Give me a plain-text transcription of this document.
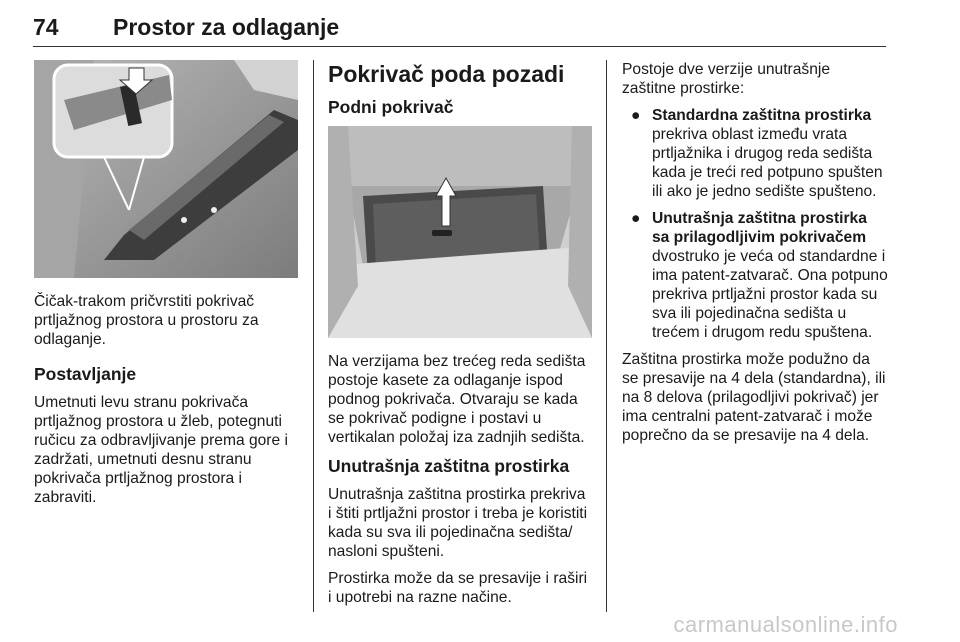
74 Prostor za odlaganje

Čičak-trakom pričvrstiti pokrivač prtljažnog prostora u prostoru za odlaganje.

Postavljanje

Umetnuti levu stranu pokrivača prtljažnog prostora u žleb, potegnuti ručicu za odbravljivanje prema gore i zadržati, umetnuti desnu stranu pokrivača prtljažnog prostora i zabraviti.

Pokrivač poda pozadi
Podni pokrivač

Na verzijama bez trećeg reda sedišta postoje kasete za odlaganje ispod podnog pokrivača. Otvaraju se kada se pokrivač podigne i postavi u vertikalan položaj iza zadnjih sedišta.

Unutrašnja zaštitna prostirka

Unutrašnja zaštitna prostirka prekriva i štiti prtljažni prostor i treba je koristiti kada su sva ili pojedinačna sedišta/ nasloni spušteni.

Prostirka može da se presavije i raširi i upotrebi na razne načine.

Postoje dve verzije unutrašnje zaštitne prostirke:

● Standardna zaštitna prostirka
prekriva oblast između vrata prtljažnika i drugog reda sedišta kada je treći red potpuno spušten ili ako je jedno sedište spušteno.
● Unutrašnja zaštitna prostirka sa prilagodljivim pokrivačem
dvostruko je veća od standardne i ima patent-zatvarač. Ona potpuno prekriva prtljažni prostor kada su sva ili pojedinačna sedišta u trećem i drugom redu spuštena.

Zaštitna prostirka može podužno da se presavije na 4 dela (standardna), ili na 8 delova (prilagodljivi pokrivač) jer ima centralni patent-zatvarač i može poprečno da se presavije na 4 dela.

carmanualsonline.info
